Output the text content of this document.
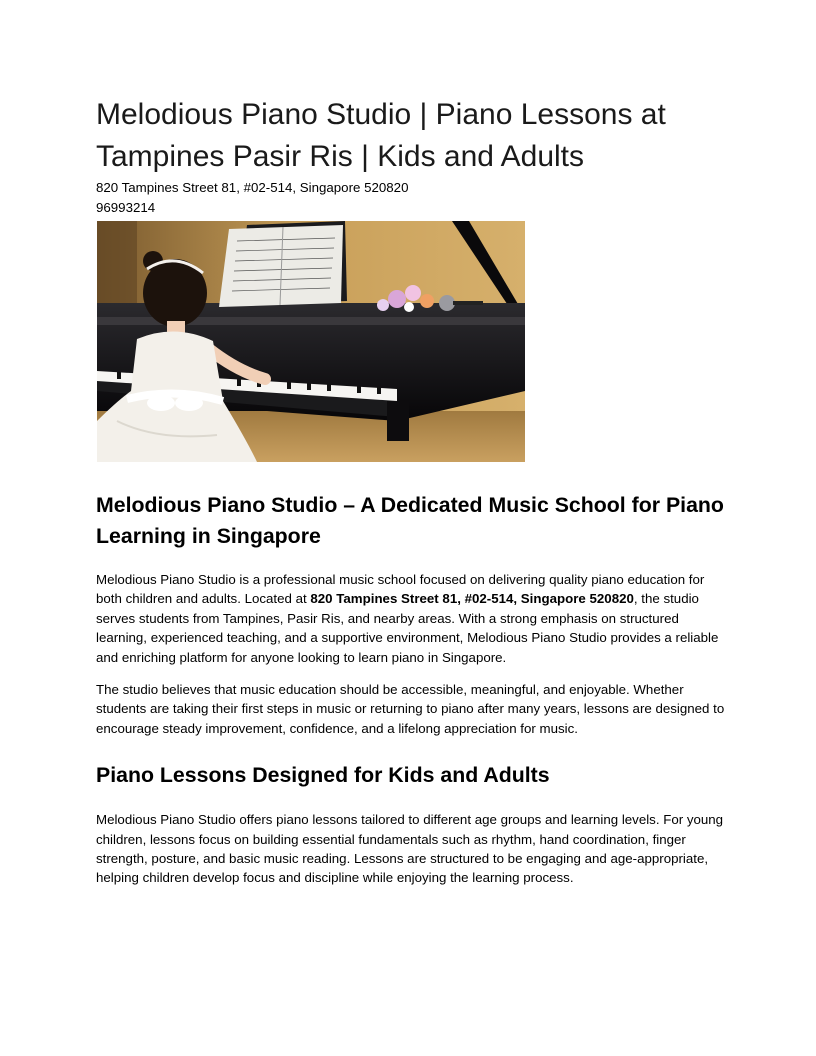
Melodious Piano Studio | Piano Lessons at Tampines Pasir Ris | Kids and Adults

820 Tampines Street 81, #02-514, Singapore 520820

96993214

Melodious Piano Studio – A Dedicated Music School for Piano Learning in Singapore

Melodious Piano Studio is a professional music school focused on delivering quality piano education for both children and adults. Located at 820 Tampines Street 81, #02-514, Singapore 520820, the studio serves students from Tampines, Pasir Ris, and nearby areas. With a strong emphasis on structured learning, experienced teaching, and a supportive environment, Melodious Piano Studio provides a reliable and enriching platform for anyone looking to learn piano in Singapore.

The studio believes that music education should be accessible, meaningful, and enjoyable. Whether students are taking their first steps in music or returning to piano after many years, lessons are designed to encourage steady improvement, confidence, and a lifelong appreciation for music.

Piano Lessons Designed for Kids and Adults

Melodious Piano Studio offers piano lessons tailored to different age groups and learning levels. For young children, lessons focus on building essential fundamentals such as rhythm, hand coordination, finger strength, posture, and basic music reading. Lessons are structured to be engaging and age-appropriate, helping children develop focus and discipline while enjoying the learning process.
